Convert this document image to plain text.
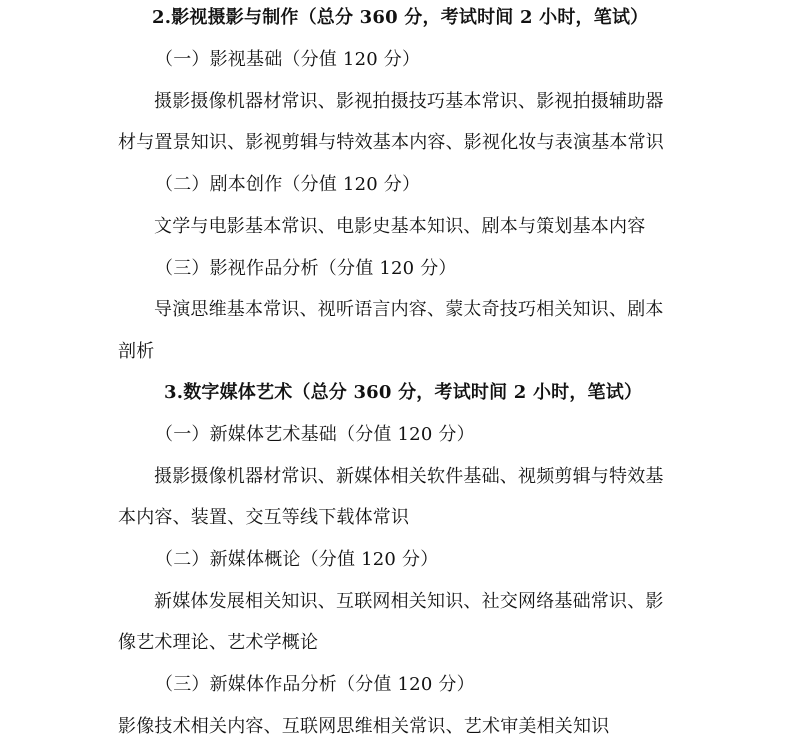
2.影视摄影与制作（总分 360 分，考试时间 2 小时，笔试）
（一）影视基础（分值 120 分）
摄影摄像机器材常识、影视拍摄技巧基本常识、影视拍摄辅助器
材与置景知识、影视剪辑与特效基本内容、影视化妆与表演基本常识
（二）剧本创作（分值 120 分）
文学与电影基本常识、电影史基本知识、剧本与策划基本内容
（三）影视作品分析（分值 120 分）
导演思维基本常识、视听语言内容、蒙太奇技巧相关知识、剧本
剖析
3.数字媒体艺术（总分 360 分，考试时间 2 小时，笔试）
（一）新媒体艺术基础（分值 120 分）
摄影摄像机器材常识、新媒体相关软件基础、视频剪辑与特效基
本内容、装置、交互等线下载体常识
（二）新媒体概论（分值 120 分）
新媒体发展相关知识、互联网相关知识、社交网络基础常识、影
像艺术理论、艺术学概论
（三）新媒体作品分析（分值 120 分）
影像技术相关内容、互联网思维相关常识、艺术审美相关知识
